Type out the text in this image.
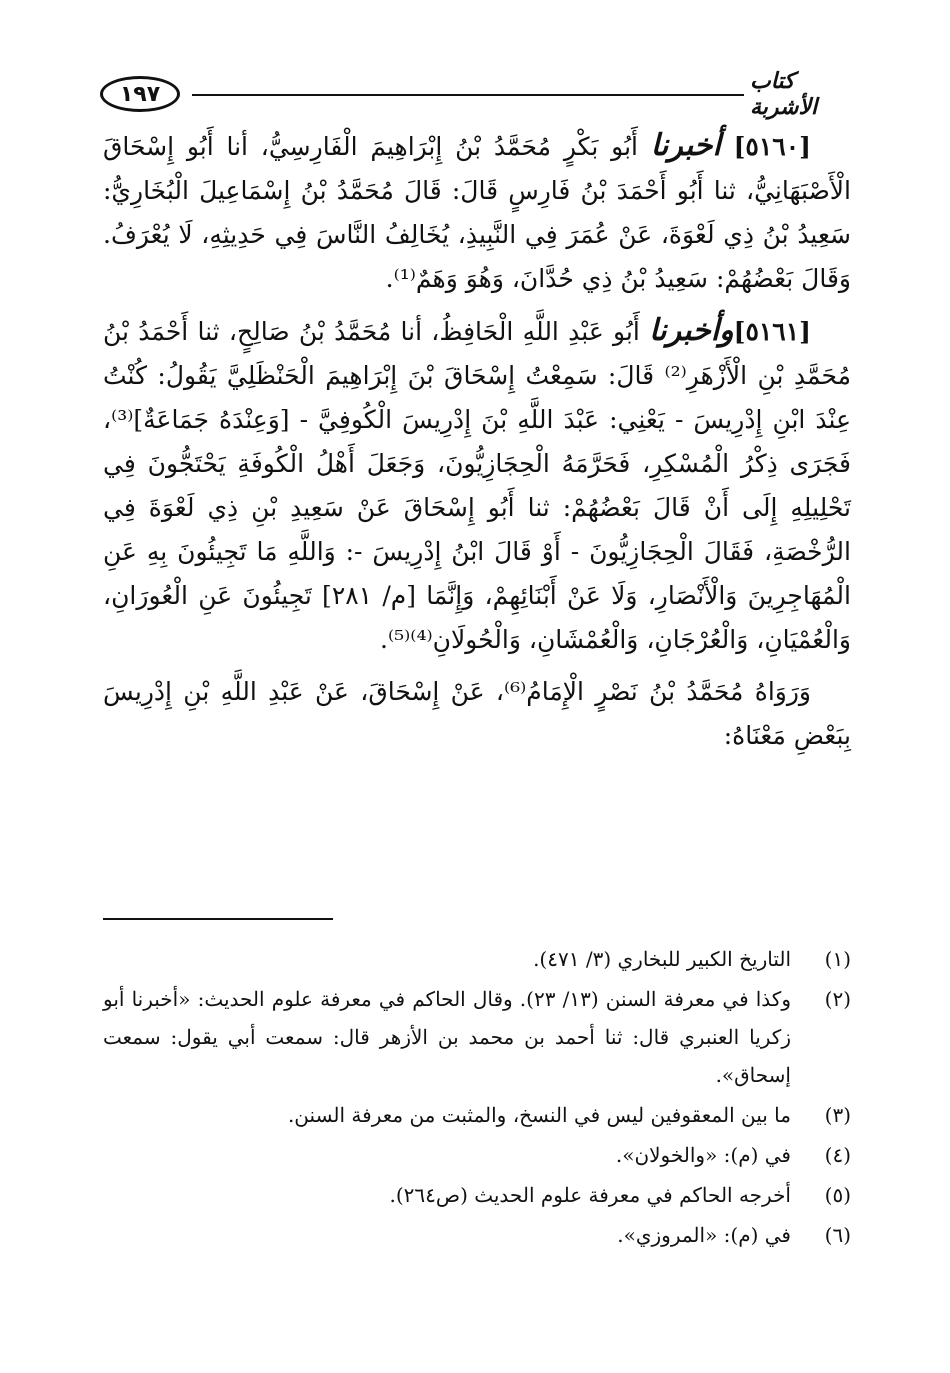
١٩٧	كتاب الأشربة

[٥١٦٠] أخبرنا أَبُو بَكْرٍ مُحَمَّدُ بْنُ إِبْرَاهِيمَ الْفَارِسِيُّ، أنا أَبُو إِسْحَاقَ الْأَصْبَهَانِيُّ، ثنا أَبُو أَحْمَدَ بْنُ فَارِسٍ قَالَ: قَالَ مُحَمَّدُ بْنُ إِسْمَاعِيلَ الْبُخَارِيُّ: سَعِيدُ بْنُ ذِي لَعْوَةَ، عَنْ عُمَرَ فِي النَّبِيذِ، يُخَالِفُ النَّاسَ فِي حَدِيثِهِ، لَا يُعْرَفُ. وَقَالَ بَعْضُهُمْ: سَعِيدُ بْنُ ذِي حُدَّانَ، وَهُوَ وَهَمٌ⁽¹⁾.

[٥١٦١]وأخبرنا أَبُو عَبْدِ اللَّهِ الْحَافِظُ، أنا مُحَمَّدُ بْنُ صَالِحٍ، ثنا أَحْمَدُ بْنُ مُحَمَّدِ بْنِ الْأَزْهَرِ⁽²⁾ قَالَ: سَمِعْتُ إِسْحَاقَ بْنَ إِبْرَاهِيمَ الْحَنْظَلِيَّ يَقُولُ: كُنْتُ عِنْدَ ابْنِ إِدْرِيسَ - يَعْنِي: عَبْدَ اللَّهِ بْنَ إِدْرِيسَ الْكُوفِيَّ - [وَعِنْدَهُ جَمَاعَةٌ]⁽³⁾، فَجَرَى ذِكْرُ الْمُسْكِرِ، فَحَرَّمَهُ الْحِجَازِيُّونَ، وَجَعَلَ أَهْلُ الْكُوفَةِ يَحْتَجُّونَ فِي تَحْلِيلِهِ إِلَى أَنْ قَالَ بَعْضُهُمْ: ثنا أَبُو إِسْحَاقَ عَنْ سَعِيدِ بْنِ ذِي لَعْوَةَ فِي الرُّخْصَةِ، فَقَالَ الْحِجَازِيُّونَ - أَوْ قَالَ ابْنُ إِدْرِيسَ -: وَاللَّهِ مَا تَجِيئُونَ بِهِ عَنِ الْمُهَاجِرِينَ وَالْأَنْصَارِ، وَلَا عَنْ أَبْنَائِهِمْ، وَإِنَّمَا [م/ ٢٨١] تَجِيئُونَ عَنِ الْعُورَانِ، وَالْعُمْيَانِ، وَالْعُرْجَانِ، وَالْعُمْشَانِ، وَالْحُولَانِ⁽⁴⁾⁽⁵⁾.

وَرَوَاهُ مُحَمَّدُ بْنُ نَصْرٍ الْإِمَامُ⁽⁶⁾، عَنْ إِسْحَاقَ، عَنْ عَبْدِ اللَّهِ بْنِ إِدْرِيسَ بِبَعْضِ مَعْنَاهُ:

(١)
التاريخ الكبير للبخاري (٣/ ٤٧١).
(٢)
وكذا في معرفة السنن (١٣/ ٢٣). وقال الحاكم في معرفة علوم الحديث: «أخبرنا أبو زكريا العنبري قال: ثنا أحمد بن محمد بن الأزهر قال: سمعت أبي يقول: سمعت إسحاق».
(٣)
ما بين المعقوفين ليس في النسخ، والمثبت من معرفة السنن.
(٤)
في (م): «والخولان».
(٥)
أخرجه الحاكم في معرفة علوم الحديث (ص٢٦٤).
(٦)
في (م): «المروزي».
